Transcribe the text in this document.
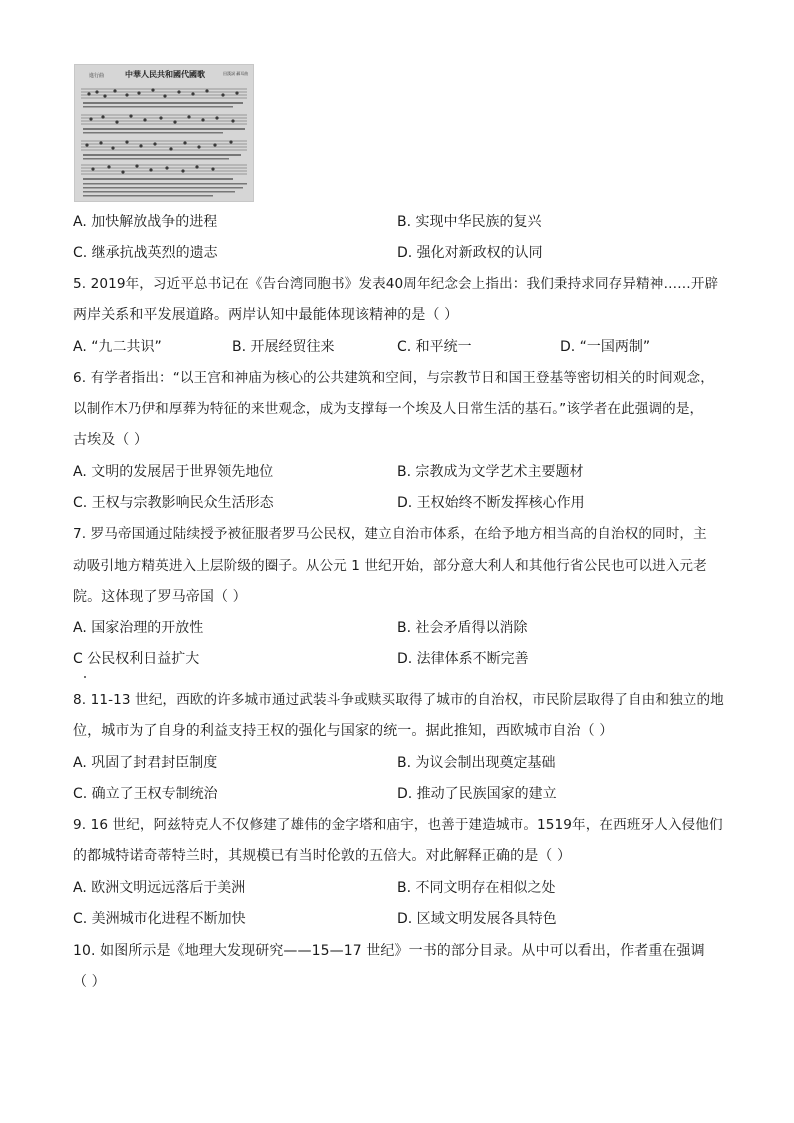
進行曲	中華人民共和國代國歌	田漢詞 聶耳曲
A. 加快解放战争的进程	B. 实现中华民族的复兴
C. 继承抗战英烈的遗志	D. 强化对新政权的认同
5. 2019年，习近平总书记在《告台湾同胞书》发表40周年纪念会上指出：我们秉持求同存异精神……开辟
两岸关系和平发展道路。两岸认知中最能体现该精神的是（ ）
A. “九二共识”	B. 开展经贸往来	C. 和平统一	D. “一国两制”
6. 有学者指出：“以王宫和神庙为核心的公共建筑和空间，与宗教节日和国王登基等密切相关的时间观念，
以制作木乃伊和厚葬为特征的来世观念，成为支撑每一个埃及人日常生活的基石。”该学者在此强调的是，
古埃及（ ）
A. 文明的发展居于世界领先地位	B. 宗教成为文学艺术主要题材
C. 王权与宗教影响民众生活形态	D. 王权始终不断发挥核心作用
7. 罗马帝国通过陆续授予被征服者罗马公民权，建立自治市体系，在给予地方相当高的自治权的同时，主
动吸引地方精英进入上层阶级的圈子。从公元 1 世纪开始，部分意大利人和其他行省公民也可以进入元老
院。这体现了罗马帝国（ ）
A. 国家治理的开放性	B. 社会矛盾得以消除
C 公民权利日益扩大	D. 法律体系不断完善
8. 11-13 世纪，西欧的许多城市通过武装斗争或赎买取得了城市的自治权，市民阶层取得了自由和独立的地
位，城市为了自身的利益支持王权的强化与国家的统一。据此推知，西欧城市自治（ ）
A. 巩固了封君封臣制度	B. 为议会制出现奠定基础
C. 确立了王权专制统治	D. 推动了民族国家的建立
9. 16 世纪，阿兹特克人不仅修建了雄伟的金字塔和庙宇，也善于建造城市。1519年，在西班牙人入侵他们
的都城特诺奇蒂特兰时，其规模已有当时伦敦的五倍大。对此解释正确的是（ ）
A. 欧洲文明远远落后于美洲	B. 不同文明存在相似之处
C. 美洲城市化进程不断加快	D. 区域文明发展各具特色
10. 如图所示是《地理大发现研究——15—17 世纪》一书的部分目录。从中可以看出，作者重在强调
（ ）
